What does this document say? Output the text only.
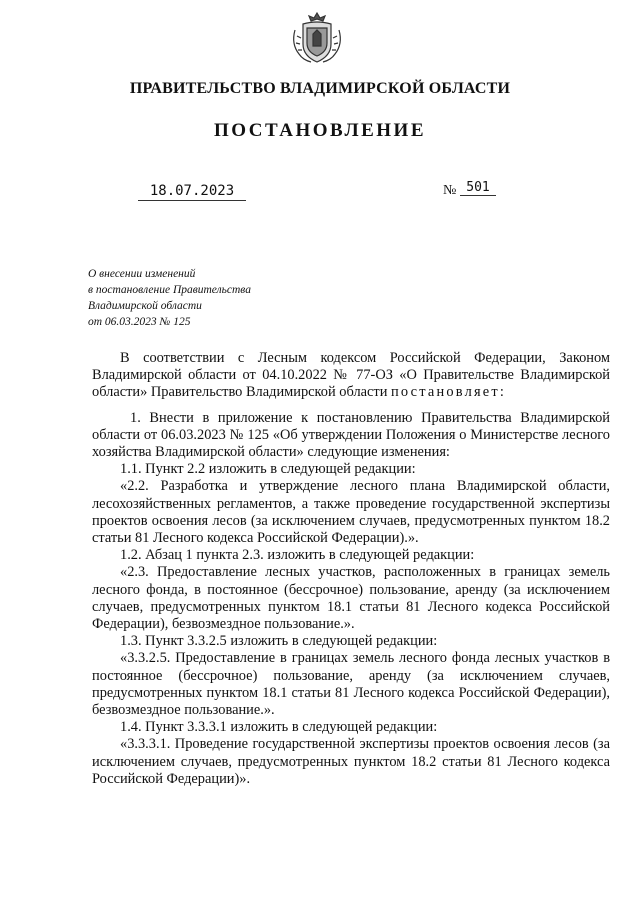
ПРАВИТЕЛЬСТВО ВЛАДИМИРСКОЙ ОБЛАСТИ
ПОСТАНОВЛЕНИЕ
18.07.2023	№ 501
О внесении изменений
в постановление Правительства
Владимирской области
от 06.03.2023 № 125

В соответствии с Лесным кодексом Российской Федерации, Законом Владимирской области от 04.10.2022 № 77-ОЗ «О Правительстве Владимирской области» Правительство Владимирской области постановляет:

1. Внести в приложение к постановлению Правительства Владимирской области от 06.03.2023 № 125 «Об утверждении Положения о Министерстве лесного хозяйства Владимирской области» следующие изменения:

1.1. Пункт 2.2 изложить в следующей редакции:

«2.2. Разработка и утверждение лесного плана Владимирской области, лесохозяйственных регламентов, а также проведение государственной экспертизы проектов освоения лесов (за исключением случаев, предусмотренных пунктом 18.2 статьи 81 Лесного кодекса Российской Федерации).».

1.2. Абзац 1 пункта 2.3. изложить в следующей редакции:

«2.3. Предоставление лесных участков, расположенных в границах земель лесного фонда, в постоянное (бессрочное) пользование, аренду (за исключением случаев, предусмотренных пунктом 18.1 статьи 81 Лесного кодекса Российской Федерации), безвозмездное пользование.».

1.3. Пункт 3.3.2.5 изложить в следующей редакции:

«3.3.2.5. Предоставление в границах земель лесного фонда лесных участков в постоянное (бессрочное) пользование, аренду (за исключением случаев, предусмотренных пунктом 18.1 статьи 81 Лесного кодекса Российской Федерации), безвозмездное пользование.».

1.4. Пункт 3.3.3.1 изложить в следующей редакции:

«3.3.3.1. Проведение государственной экспертизы проектов освоения лесов (за исключением случаев, предусмотренных пунктом 18.2 статьи 81 Лесного кодекса Российской Федерации)».
